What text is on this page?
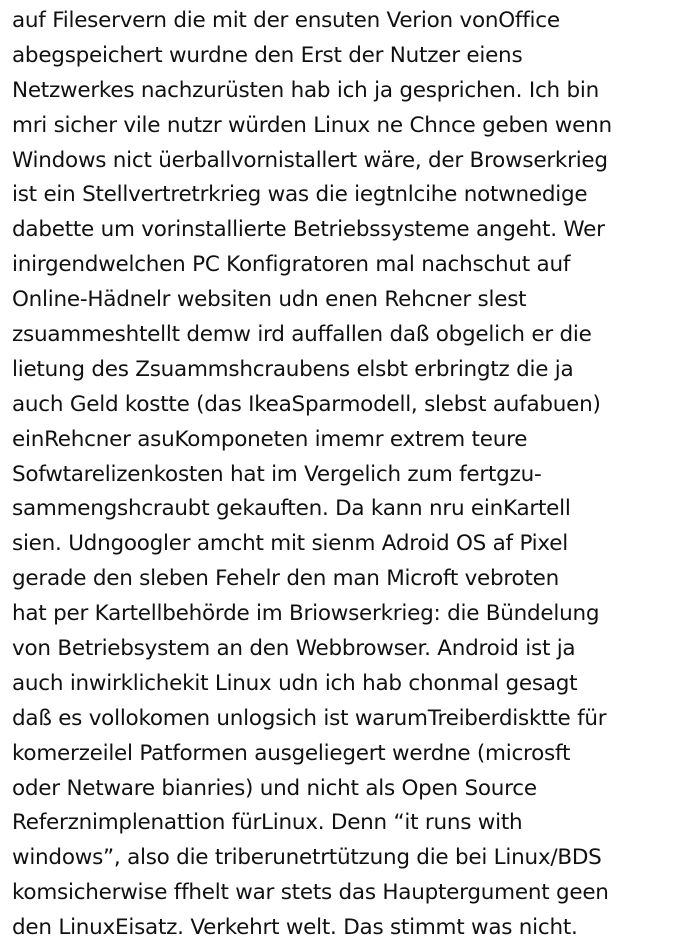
auf Fileservern die mit der ensuten Verion vonOffice
abegspeichert wurdne den Erst der Nutzer eiens
Netzwerkes nachzurüsten hab ich ja gesprichen. Ich bin
mri sicher vile nutzr würden Linux ne Chnce geben wenn
Windows nict üerballvornistallert wäre, der Browserkrieg
ist ein Stellvertretrkrieg was die iegtnlcihe notwnedige
dabette um vorinstallierte Betriebssysteme angeht. Wer
inirgendwelchen PC Konfigratoren mal nachschut auf
Online-Hädnelr websiten udn enen Rehcner slest
zsuammeshtellt demw ird auffallen daß obgelich er die
lietung des Zsuammshcraubens elsbt erbringtz die ja
auch Geld kostte (das IkeaSparmodell, slebst aufabuen)
einRehcner asuKomponeten imemr extrem teure
Sofwtarelizenkosten hat im Vergelich zum fertgzu-
sammengshcraubt gekauften. Da kann nru einKartell
sien. Udngoogler amcht mit sienm Adroid OS af Pixel
gerade den sleben Fehelr den man Microft vebroten
hat per Kartellbehörde im Briowserkrieg: die Bündelung
von Betriebsystem an den Webbrowser. Android ist ja
auch inwirklichekit Linux udn ich hab chonmal gesagt
daß es vollokomen unlogsich ist warumTreiberdisktte für
komerzeilel Patformen ausgeliegert werdne (microsft
oder Netware bianries) und nicht als Open Source
Referznimplenattion fürLinux. Denn “it runs with
windows”, also die triberunetrtützung die bei Linux/BDS
komsicherwise ffhelt war stets das Hauptergument geen
den LinuxEisatz. Verkehrt welt. Das stimmt was nicht.
